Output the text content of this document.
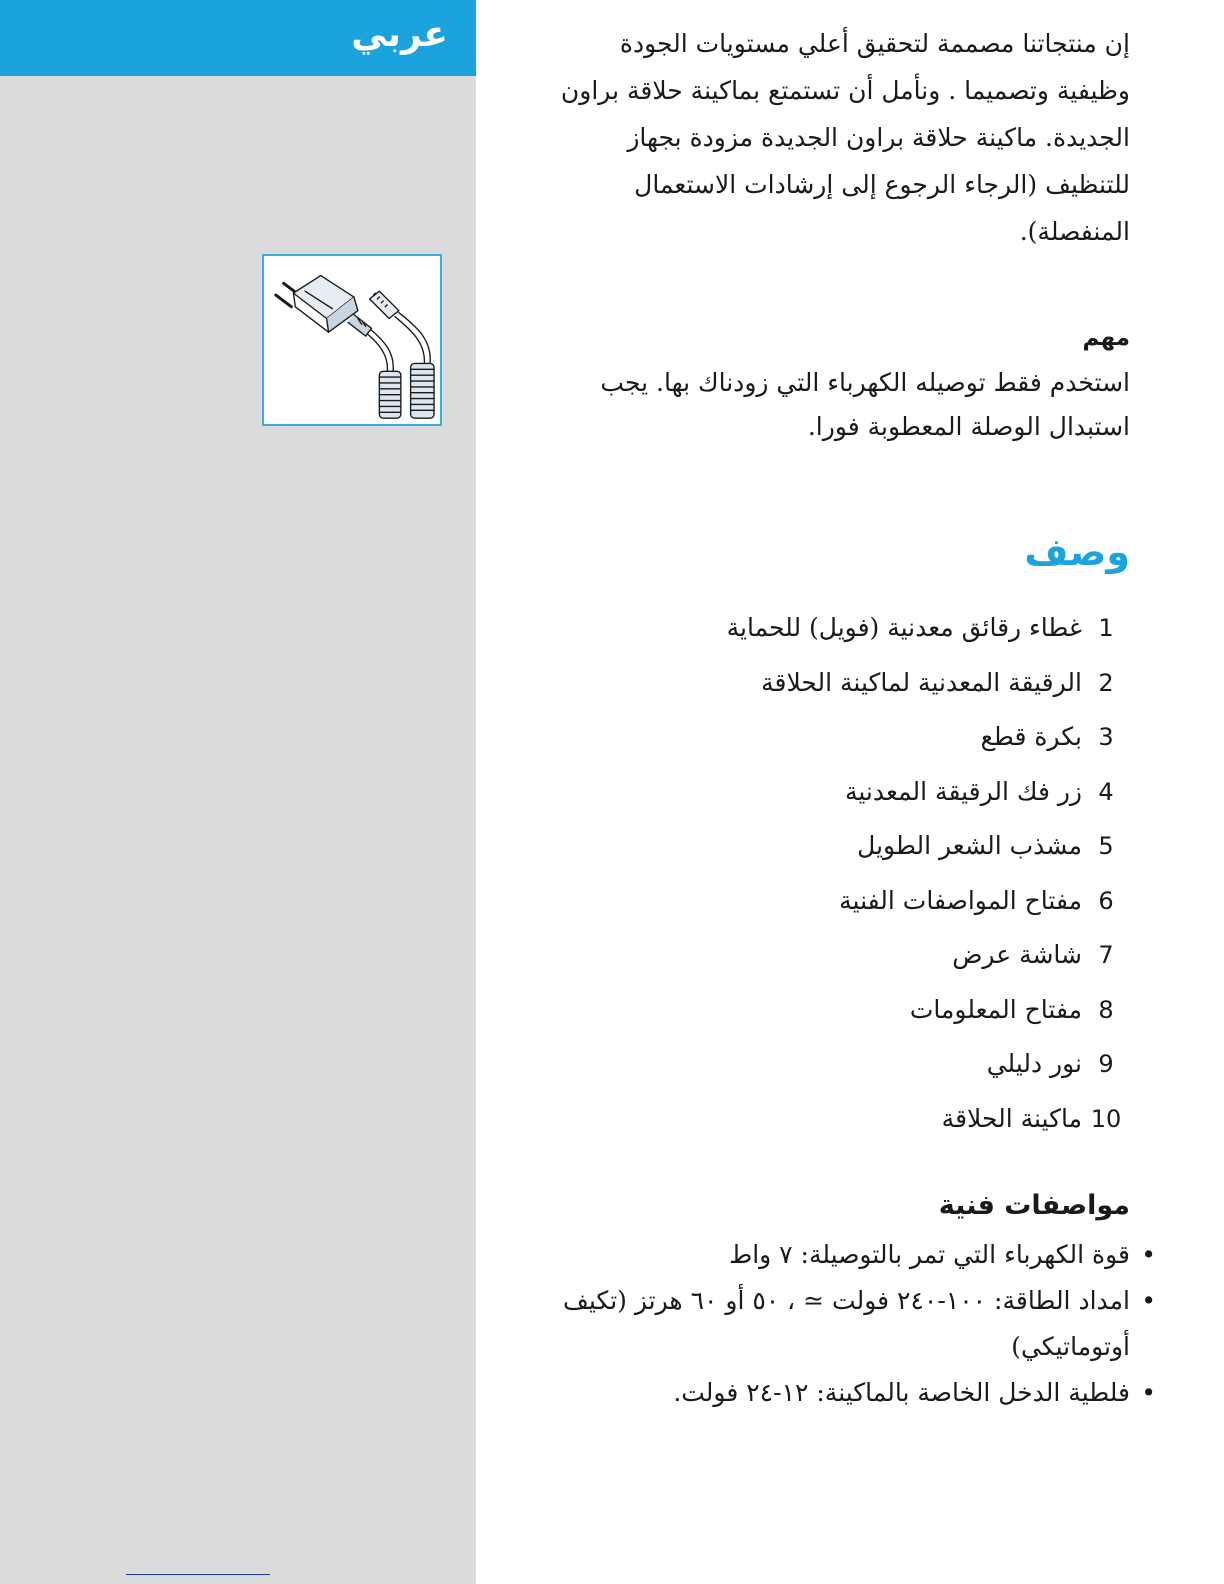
عربي	إن منتجاتنا مصممة لتحقيق أعلي مستويات الجودة وظيفية وتصميما . ونأمل أن تستمتع بماكينة حلاقة براون الجديدة. ماكينة حلاقة براون الجديدة مزودة بجهاز للتنظيف (الرجاء الرجوع إلى إرشادات الاستعمال المنفصلة).

مهم

استخدم فقط توصيله الكهرباء التي زودناك بها. يجب استبدال الوصلة المعطوبة فورا.

وصف
1غطاء رقائق معدنية (فويل) للحماية
2الرقيقة المعدنية لماكينة الحلاقة
3بكرة قطع
4زر فك الرقيقة المعدنية
5مشذب الشعر الطويل
6مفتاح المواصفات الفنية
7شاشة عرض
8مفتاح المعلومات
9نور دليلي
10ماكينة الحلاقة
مواصفات فنية
•
قوة الكهرباء التي تمر بالتوصيلة: ٧ واط
•
امداد الطاقة: ١٠٠-٢٤٠ فولت ≃ ، ٥٠ أو ٦٠ هرتز (تكيف أوتوماتيكي)
•
فلطية الدخل الخاصة بالماكينة: ١٢-٢٤ فولت.
